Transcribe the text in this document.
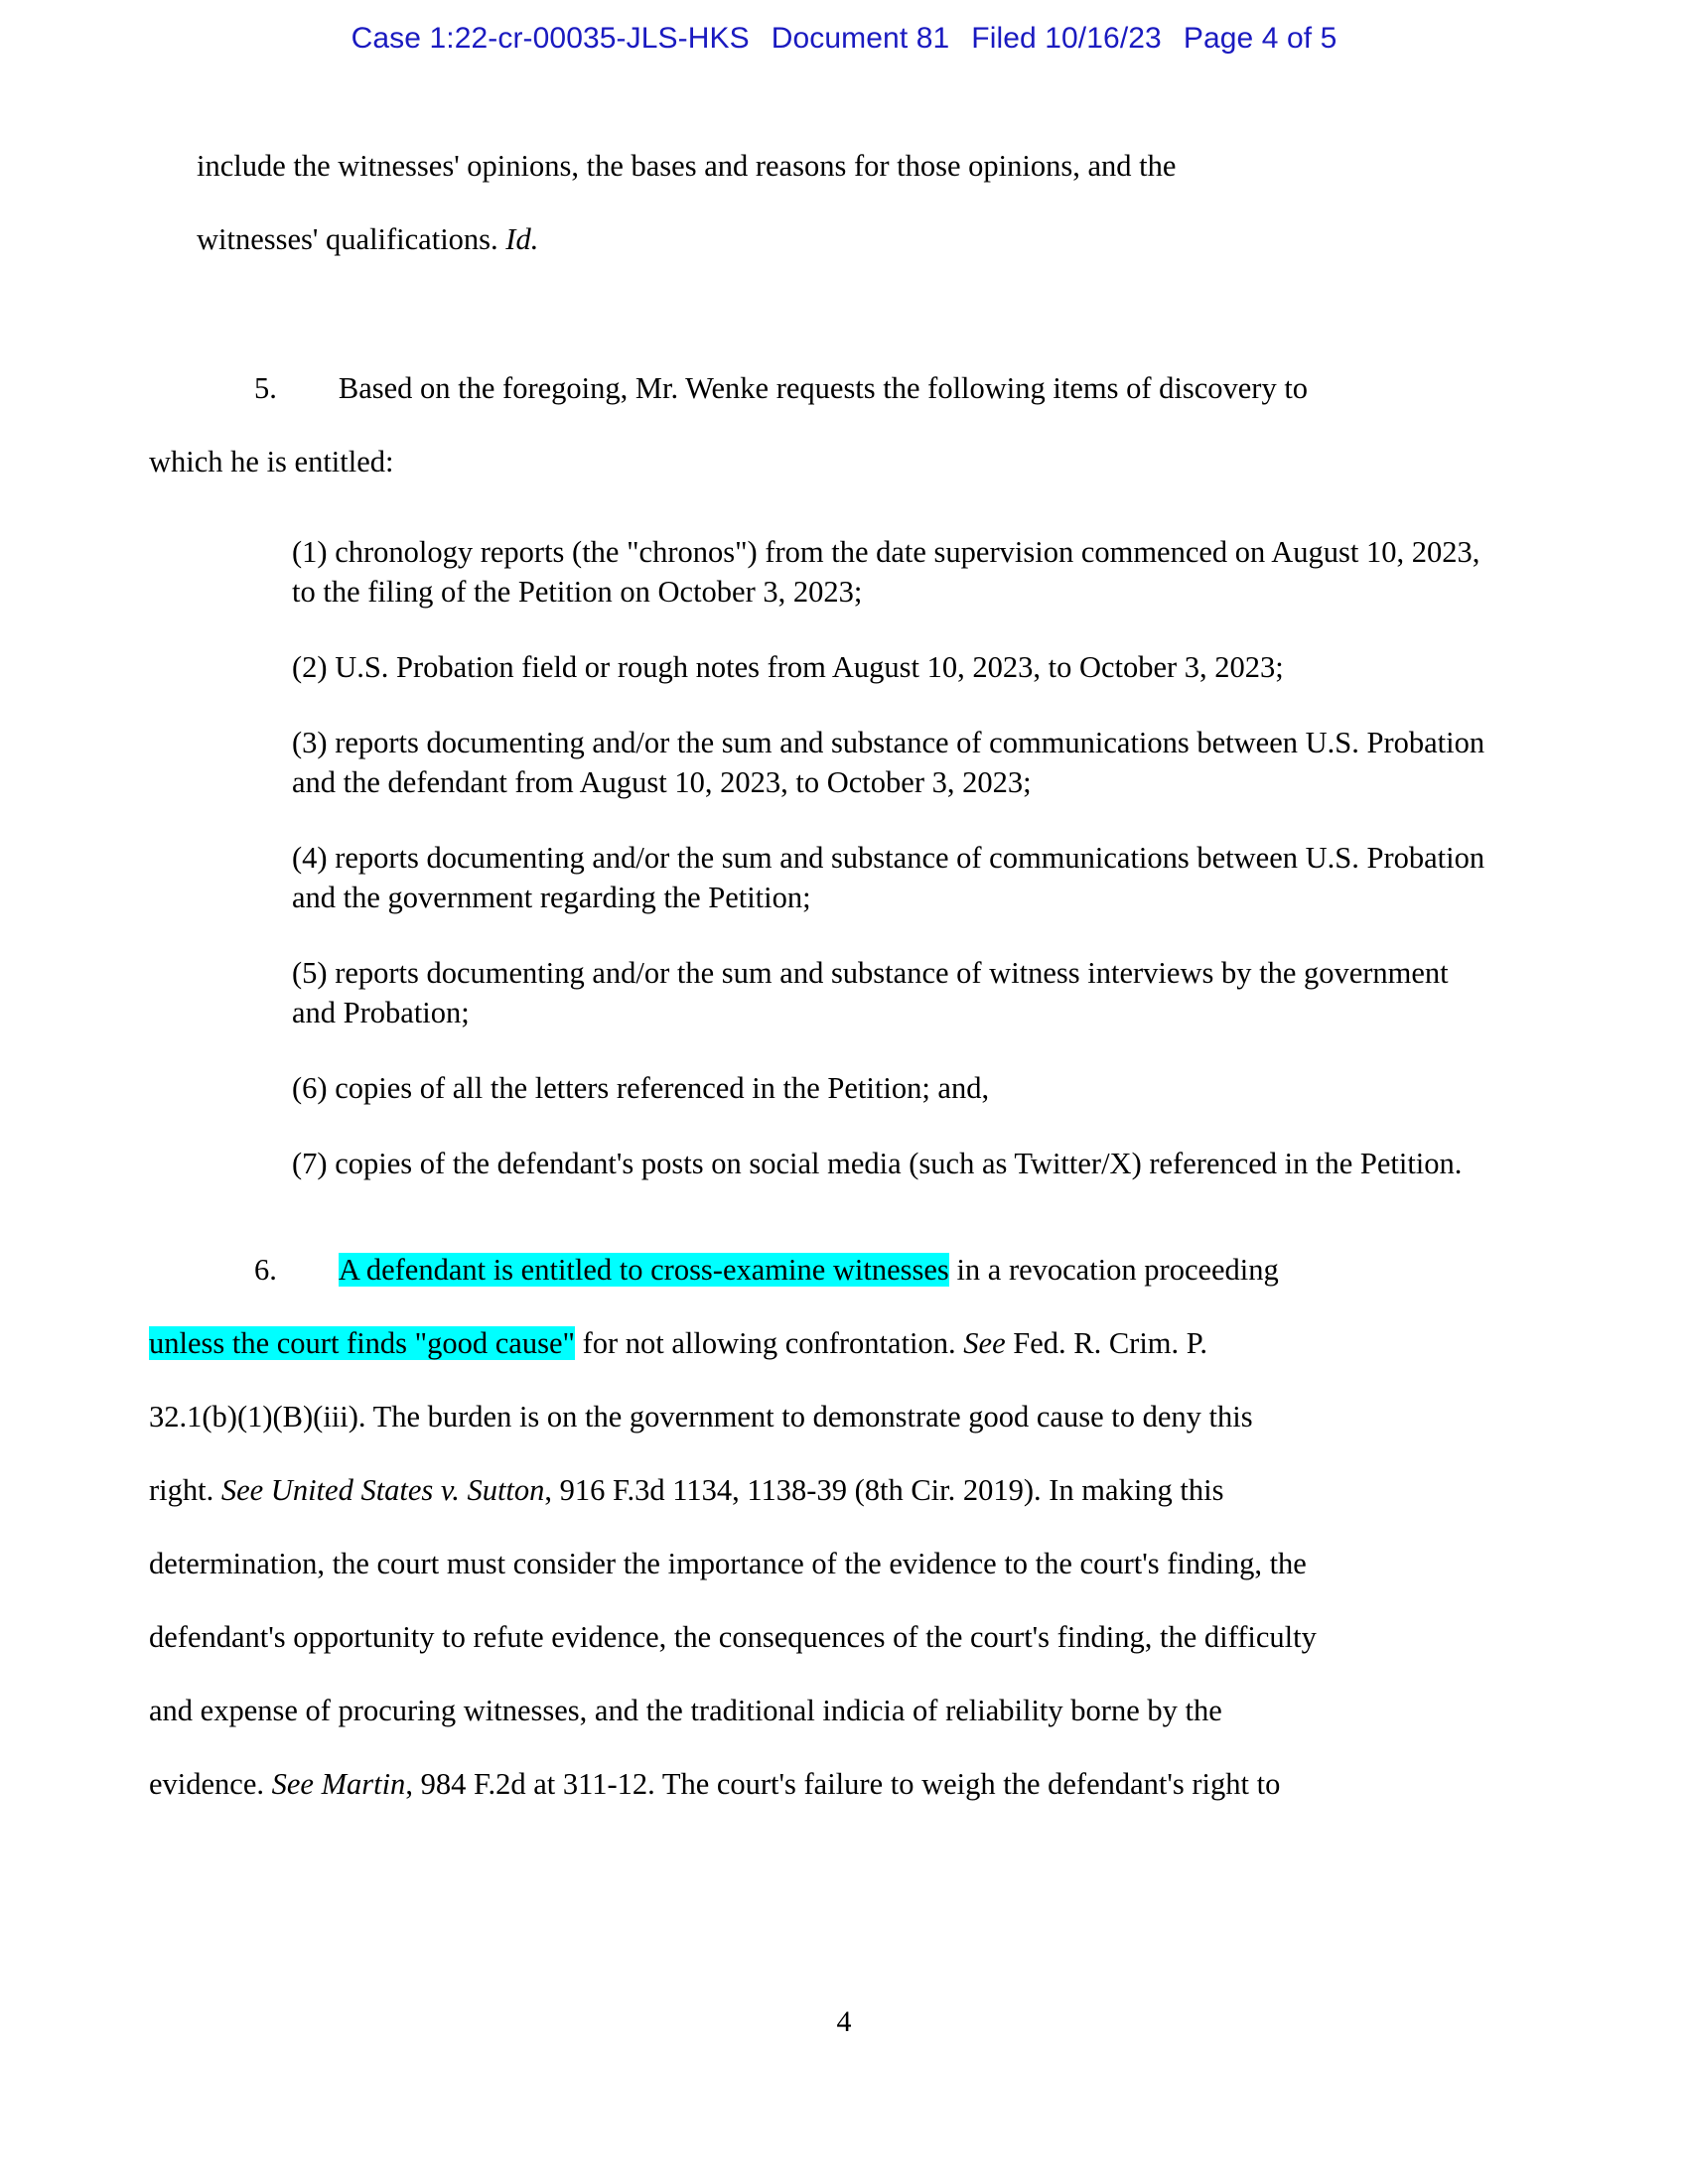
Case 1:22-cr-00035-JLS-HKS Document 81 Filed 10/16/23 Page 4 of 5
include the witnesses' opinions, the bases and reasons for those opinions, and the
witnesses' qualifications. Id.
5. Based on the foregoing, Mr. Wenke requests the following items of discovery to
which he is entitled:

(1) chronology reports (the "chronos") from the date supervision commenced on August 10, 2023, to the filing of the Petition on October 3, 2023;

(2) U.S. Probation field or rough notes from August 10, 2023, to October 3, 2023;

(3) reports documenting and/or the sum and substance of communications between U.S. Probation and the defendant from August 10, 2023, to October 3, 2023;

(4) reports documenting and/or the sum and substance of communications between U.S. Probation and the government regarding the Petition;

(5) reports documenting and/or the sum and substance of witness interviews by the government and Probation;

(6) copies of all the letters referenced in the Petition; and,

(7) copies of the defendant's posts on social media (such as Twitter/X) referenced in the Petition.

6. A defendant is entitled to cross-examine witnesses in a revocation proceeding
unless the court finds "good cause" for not allowing confrontation. See Fed. R. Crim. P.
32.1(b)(1)(B)(iii). The burden is on the government to demonstrate good cause to deny this
right. See United States v. Sutton, 916 F.3d 1134, 1138-39 (8th Cir. 2019). In making this
determination, the court must consider the importance of the evidence to the court's finding, the
defendant's opportunity to refute evidence, the consequences of the court's finding, the difficulty
and expense of procuring witnesses, and the traditional indicia of reliability borne by the
evidence. See Martin, 984 F.2d at 311-12. The court's failure to weigh the defendant's right to
4
